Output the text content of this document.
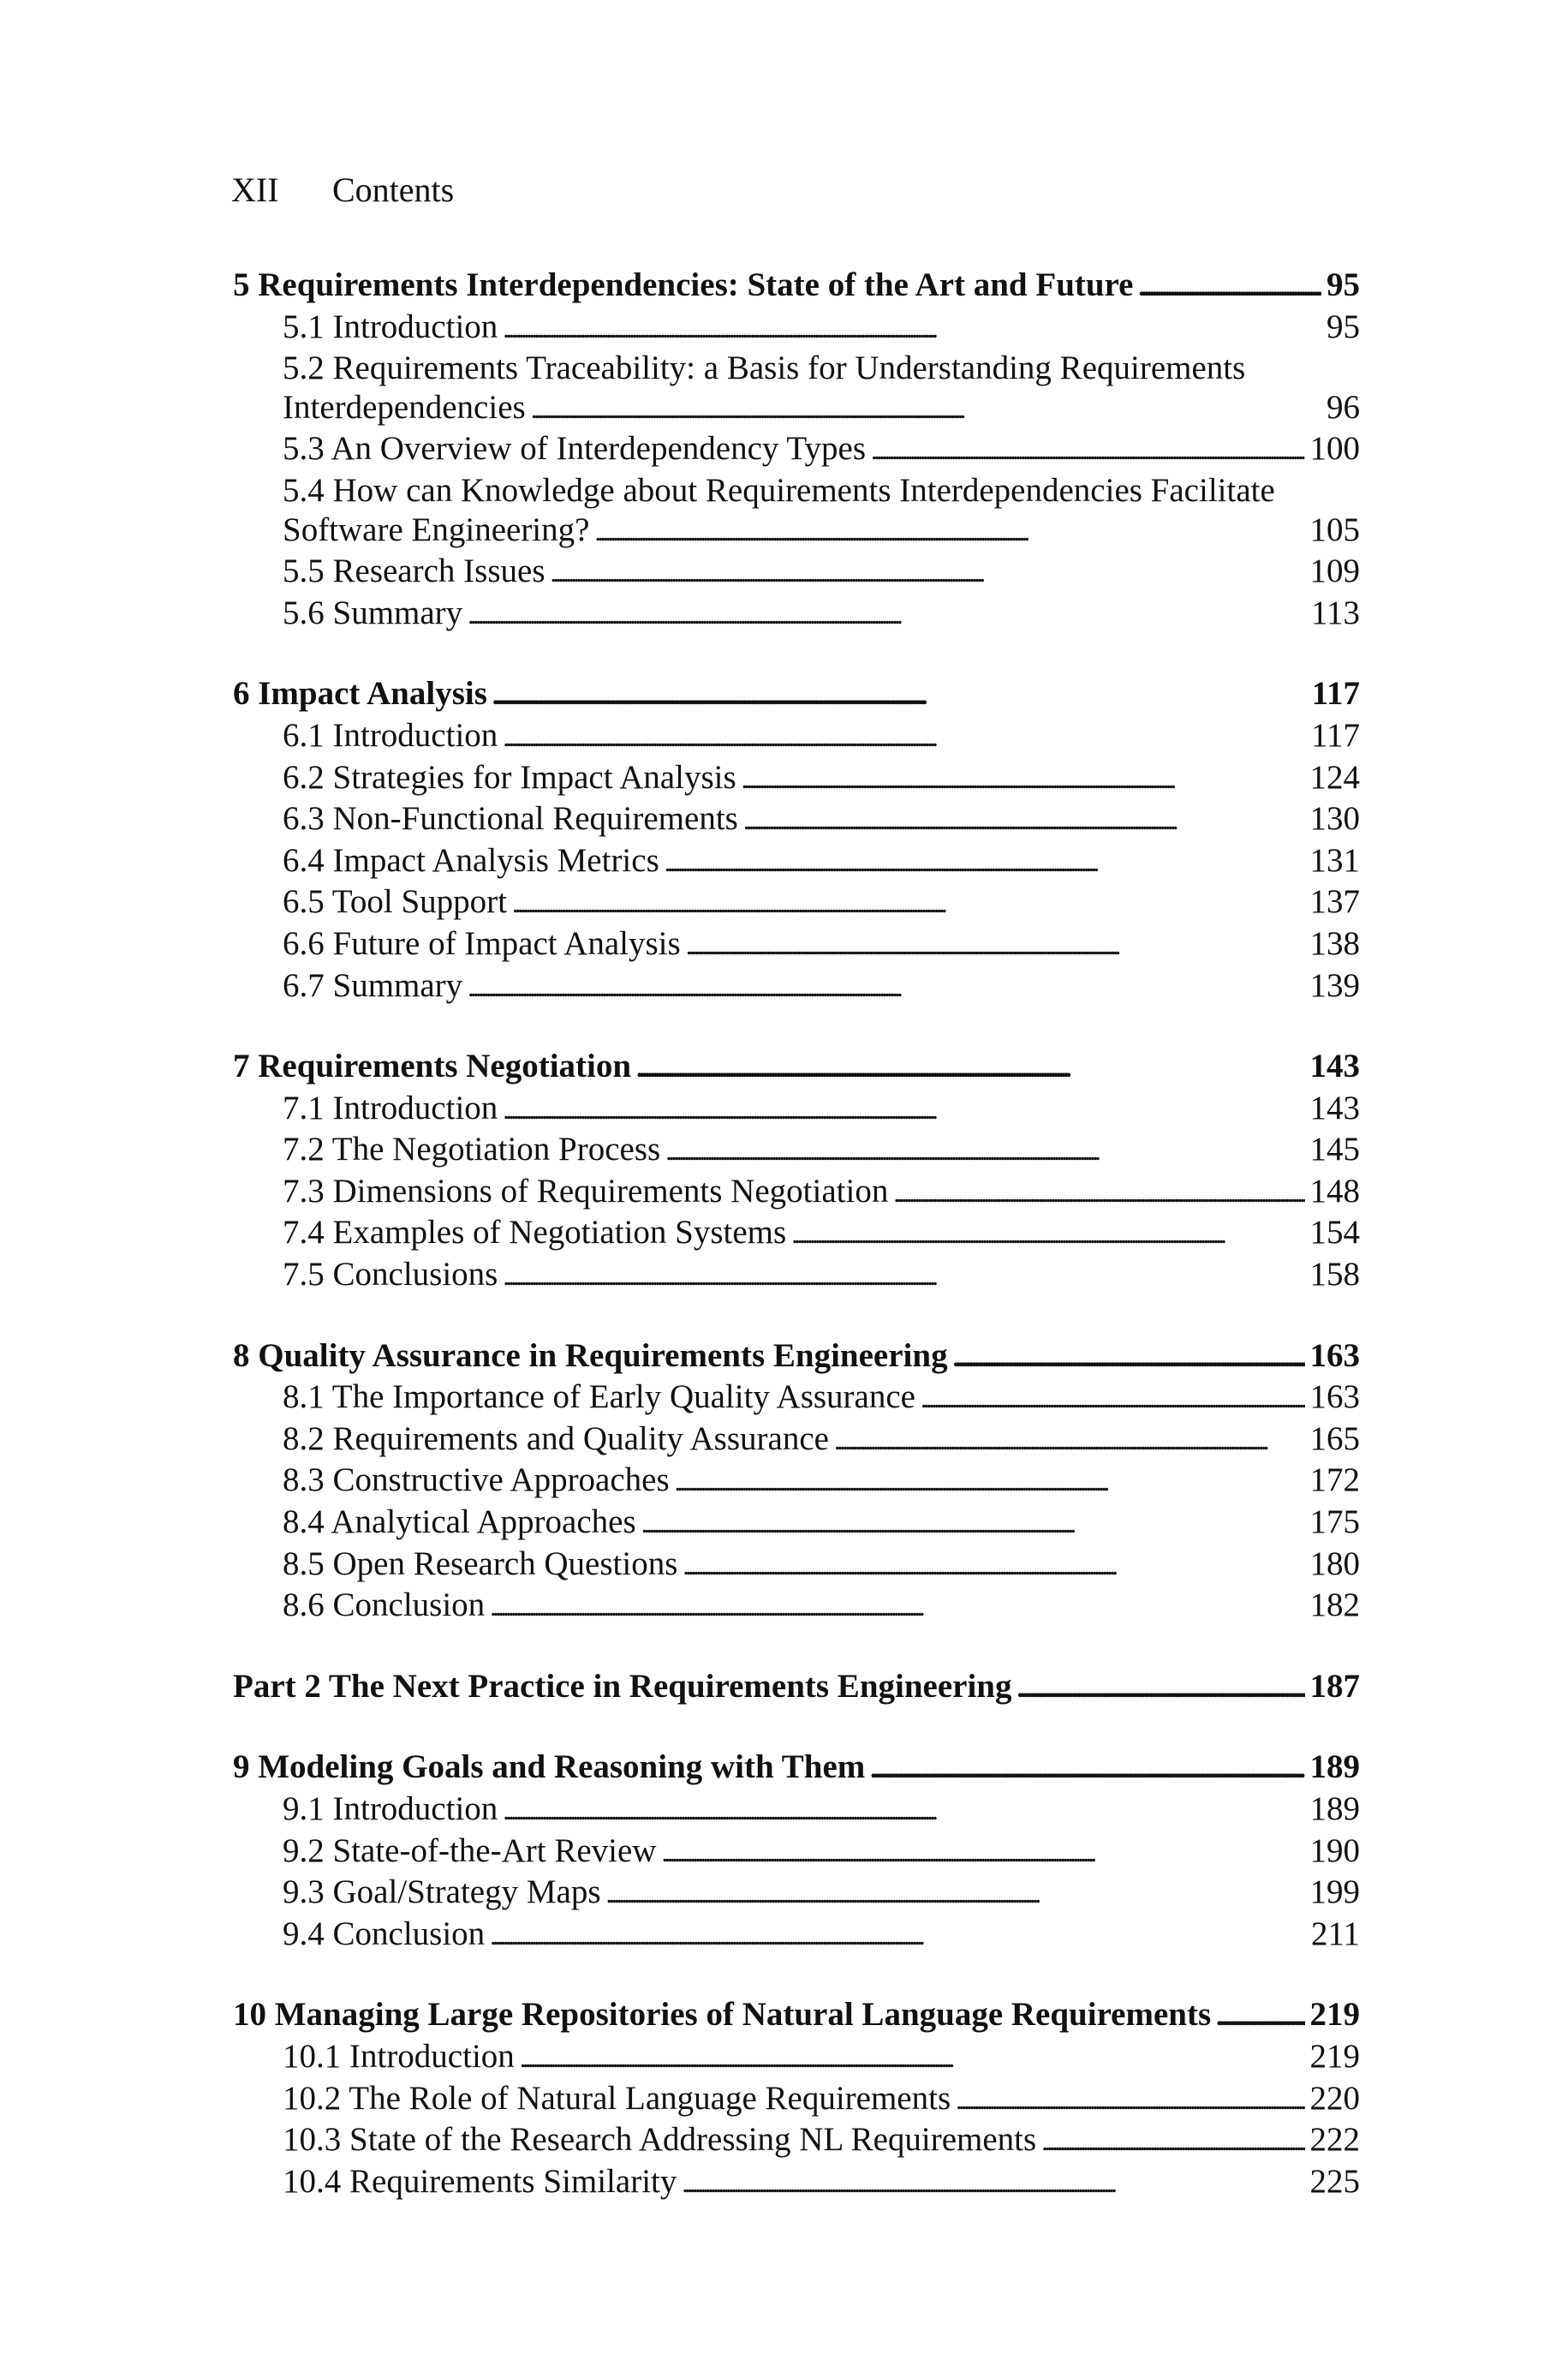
XII Contents
5 Requirements Interdependencies: State of the Art and Future . . .	95
5.1 Introduction . . .	95
5.2 Requirements Traceability: a Basis for Understanding Requirements
Interdependencies . . .	96
5.3 An Overview of Interdependency Types . . .	100
5.4 How can Knowledge about Requirements Interdependencies Facilitate
Software Engineering? . . .	105
5.5 Research Issues . . .	109
5.6 Summary . . .	113
6 Impact Analysis . . .	117
6.1 Introduction . . .	117
6.2 Strategies for Impact Analysis . . .	124
6.3 Non-Functional Requirements . . .	130
6.4 Impact Analysis Metrics . . .	131
6.5 Tool Support . . .	137
6.6 Future of Impact Analysis . . .	138
6.7 Summary . . .	139
7 Requirements Negotiation . . .	143
7.1 Introduction . . .	143
7.2 The Negotiation Process . . .	145
7.3 Dimensions of Requirements Negotiation . . .	148
7.4 Examples of Negotiation Systems . . .	154
7.5 Conclusions . . .	158
8 Quality Assurance in Requirements Engineering . . .	163
8.1 The Importance of Early Quality Assurance . . .	163
8.2 Requirements and Quality Assurance . . .	165
8.3 Constructive Approaches . . .	172
8.4 Analytical Approaches . . .	175
8.5 Open Research Questions . . .	180
8.6 Conclusion . . .	182
Part 2 The Next Practice in Requirements Engineering . . .	187
9 Modeling Goals and Reasoning with Them . . .	189
9.1 Introduction . . .	189
9.2 State-of-the-Art Review . . .	190
9.3 Goal/Strategy Maps . . .	199
9.4 Conclusion . . .	211
10 Managing Large Repositories of Natural Language Requirements . . .	219
10.1 Introduction . . .	219
10.2 The Role of Natural Language Requirements . . .	220
10.3 State of the Research Addressing NL Requirements . . .	222
10.4 Requirements Similarity . . .	225
